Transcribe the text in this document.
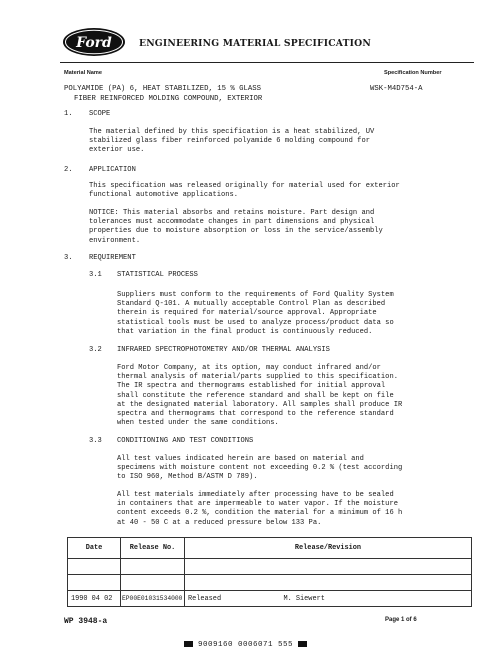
Ford	ENGINEERING MATERIAL SPECIFICATION
Material Name	Specification Number
POLYAMIDE (PA) 6, HEAT STABILIZED, 15 % GLASS
FIBER REINFORCED MOLDING COMPOUND, EXTERIOR
WSK-M4D754-A
1. SCOPE
The material defined by this specification is a heat stabilized, UV
stabilized glass fiber reinforced polyamide 6 molding compound for
exterior use.
2. APPLICATION
This specification was released originally for material used for exterior
functional automotive applications.
NOTICE: This material absorbs and retains moisture. Part design and
tolerances must accommodate changes in part dimensions and physical
properties due to moisture absorption or loss in the service/assembly
environment.
3. REQUIREMENT
3.1 STATISTICAL PROCESS
Suppliers must conform to the requirements of Ford Quality System
Standard Q-101. A mutually acceptable Control Plan as described
therein is required for material/source approval. Appropriate
statistical tools must be used to analyze process/product data so
that variation in the final product is continuously reduced.
3.2 INFRARED SPECTROPHOTOMETRY AND/OR THERMAL ANALYSIS
Ford Motor Company, at its option, may conduct infrared and/or
thermal analysis of material/parts supplied to this specification.
The IR spectra and thermograms established for initial approval
shall constitute the reference standard and shall be kept on file
at the designated material laboratory. All samples shall produce IR
spectra and thermograms that correspond to the reference standard
when tested under the same conditions.
3.3 CONDITIONING AND TEST CONDITIONS
All test values indicated herein are based on material and
specimens with moisture content not exceeding 0.2 % (test according
to ISO 960, Method B/ASTM D 789).
All test materials immediately after processing have to be sealed
in containers that are impermeable to water vapor. If the moisture
content exceeds 0.2 %, condition the material for a minimum of 16 h
at 40 - 50 C at a reduced pressure below 133 Pa.
Date	Release No.	Release/Revision	

1990 04 02	EP00E01031534000	Released	M. Siewert
WP 3948-a	Page 1 of 6
9009160 0006071 555
